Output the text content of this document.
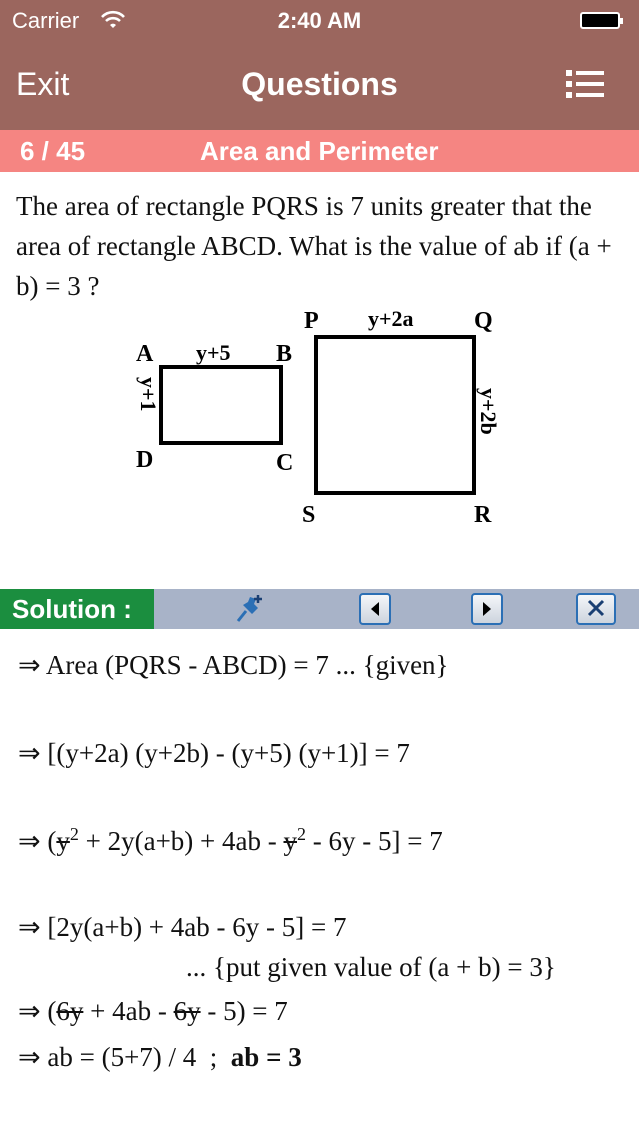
Carrier	2:40 AM
Exit	Questions
6 / 45	Area and Perimeter
The area of rectangle PQRS is 7 units greater that the area of rectangle ABCD. What is the value of ab if (a + b) = 3 ?
A	B
C
D
y+5
y+1
P	Q
R
S
y+2a
y+2b
Solution :
⇒ Area (PQRS - ABCD) = 7 ... {given}
⇒ [(y+2a) (y+2b) - (y+5) (y+1)] = 7
⇒ $(y^2 + 2y(a+b) + 4ab - y^2 - 6y - 5] = 7$
⇒ [2y(a+b) + 4ab - 6y - 5] = 7
... {put given value of (a + b) = 3}
⇒ (6y + 4ab - 6y - 5) = 7
⇒ ab = (5+7) / 4  ;  ab = 3
